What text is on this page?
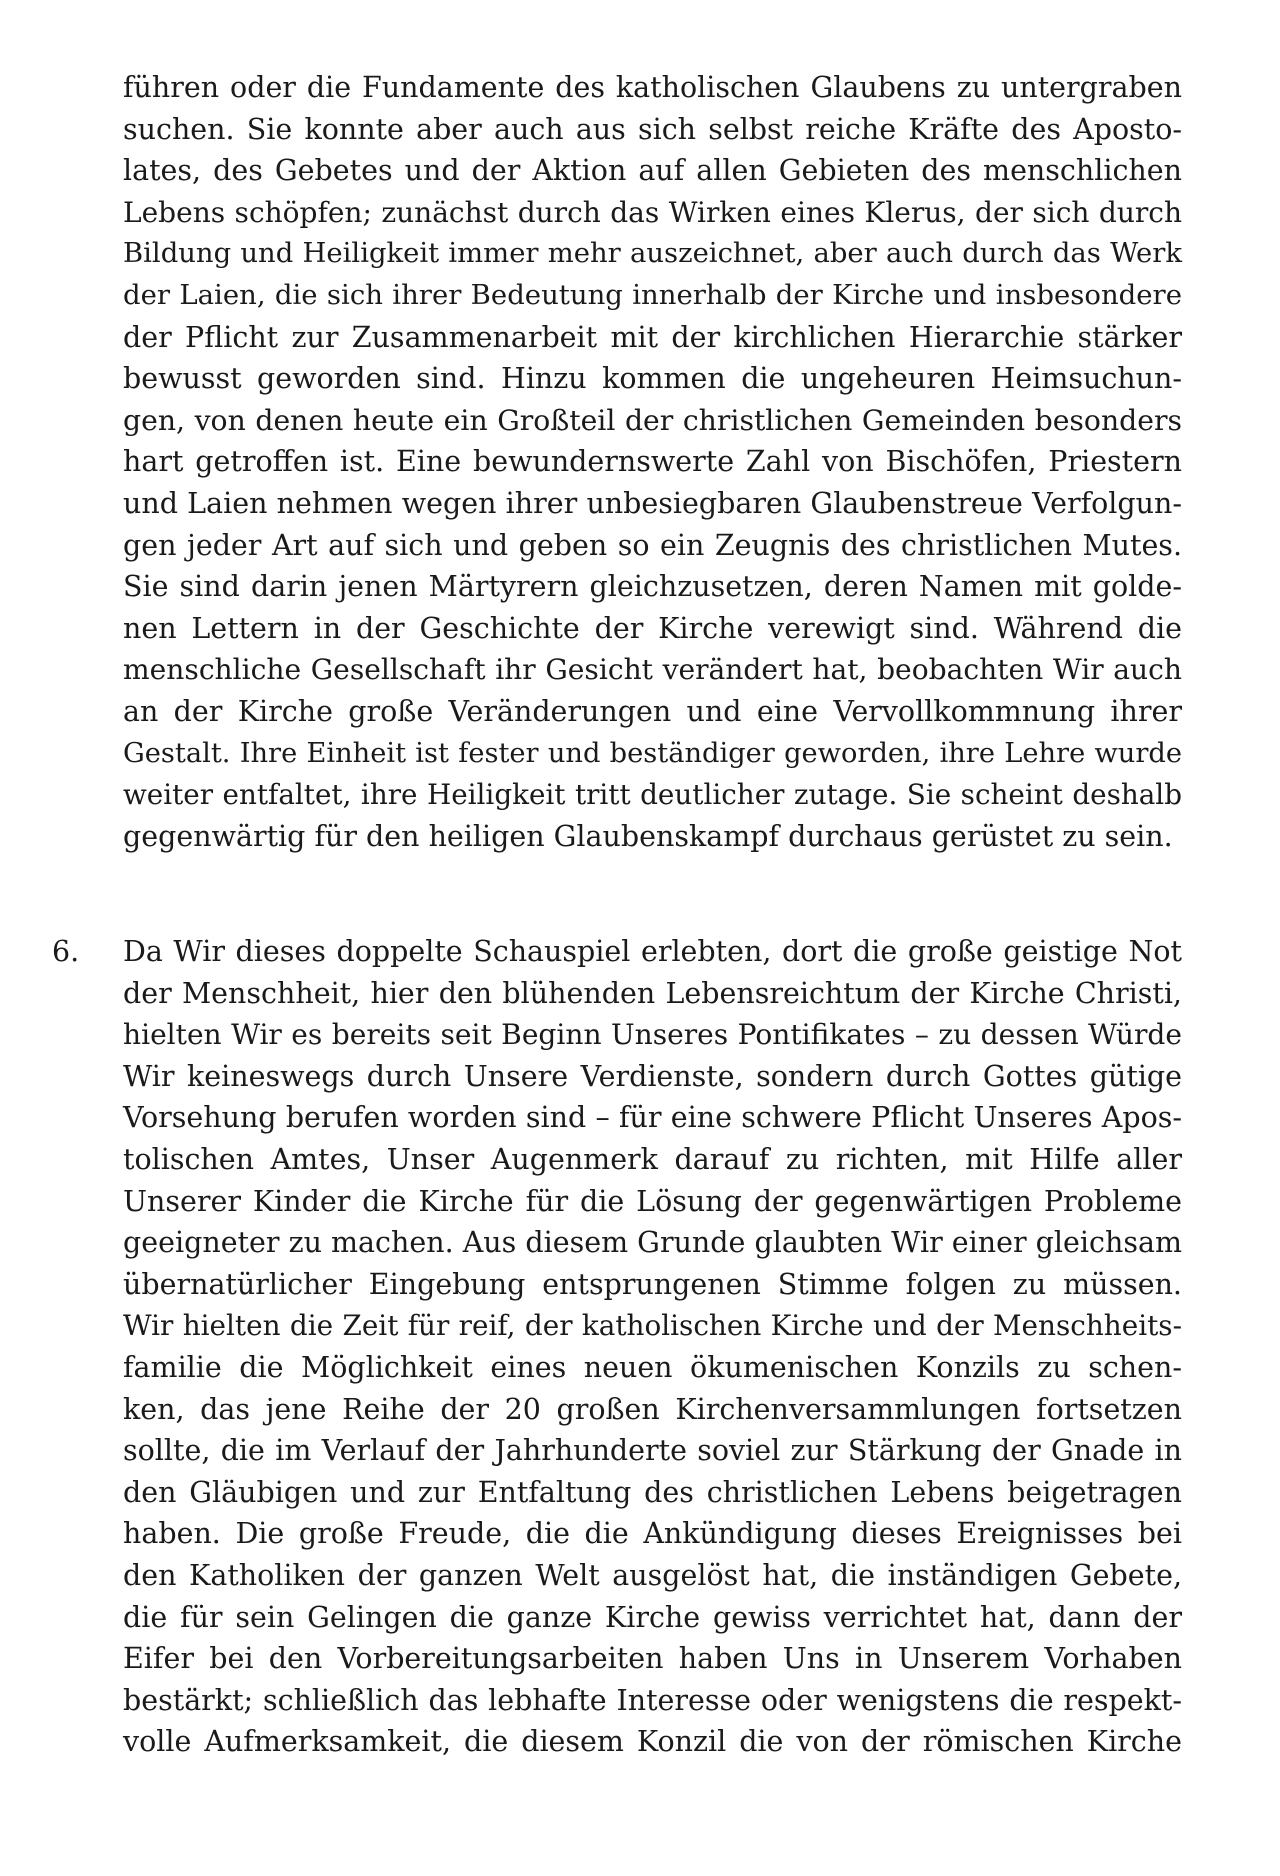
führen oder die Fundamente des katholischen Glaubens zu untergraben
suchen. Sie konnte aber auch aus sich selbst reiche Kräfte des Aposto-
lates, des Gebetes und der Aktion auf allen Gebieten des menschlichen
Lebens schöpfen; zunächst durch das Wirken eines Klerus, der sich durch
Bildung und Heiligkeit immer mehr auszeichnet, aber auch durch das Werk
der Laien, die sich ihrer Bedeutung innerhalb der Kirche und insbesondere
der Pflicht zur Zusammenarbeit mit der kirchlichen Hierarchie stärker
bewusst geworden sind. Hinzu kommen die ungeheuren Heimsuchun-
gen, von denen heute ein Großteil der christlichen Gemeinden besonders
hart getroffen ist. Eine bewundernswerte Zahl von Bischöfen, Priestern
und Laien nehmen wegen ihrer unbesiegbaren Glaubenstreue Verfolgun-
gen jeder Art auf sich und geben so ein Zeugnis des christlichen Mutes.
Sie sind darin jenen Märtyrern gleichzusetzen, deren Namen mit golde-
nen Lettern in der Geschichte der Kirche verewigt sind. Während die
menschliche Gesellschaft ihr Gesicht verändert hat, beobachten Wir auch
an der Kirche große Veränderungen und eine Vervollkommnung ihrer
Gestalt. Ihre Einheit ist fester und beständiger geworden, ihre Lehre wurde
weiter entfaltet, ihre Heiligkeit tritt deutlicher zutage. Sie scheint deshalb
gegenwärtig für den heiligen Glaubenskampf durchaus gerüstet zu sein.
6. Da Wir dieses doppelte Schauspiel erlebten, dort die große geistige Not
der Menschheit, hier den blühenden Lebensreichtum der Kirche Christi,
hielten Wir es bereits seit Beginn Unseres Pontifikates – zu dessen Würde
Wir keineswegs durch Unsere Verdienste, sondern durch Gottes gütige
Vorsehung berufen worden sind – für eine schwere Pflicht Unseres Apos-
tolischen Amtes, Unser Augenmerk darauf zu richten, mit Hilfe aller
Unserer Kinder die Kirche für die Lösung der gegenwärtigen Probleme
geeigneter zu machen. Aus diesem Grunde glaubten Wir einer gleichsam
übernatürlicher Eingebung entsprungenen Stimme folgen zu müssen.
Wir hielten die Zeit für reif, der katholischen Kirche und der Menschheits-
familie die Möglichkeit eines neuen ökumenischen Konzils zu schen-
ken, das jene Reihe der 20 großen Kirchenversammlungen fortsetzen
sollte, die im Verlauf der Jahrhunderte soviel zur Stärkung der Gnade in
den Gläubigen und zur Entfaltung des christlichen Lebens beigetragen
haben. Die große Freude, die die Ankündigung dieses Ereignisses bei
den Katholiken der ganzen Welt ausgelöst hat, die inständigen Gebete,
die für sein Gelingen die ganze Kirche gewiss verrichtet hat, dann der
Eifer bei den Vorbereitungsarbeiten haben Uns in Unserem Vorhaben
bestärkt; schließlich das lebhafte Interesse oder wenigstens die respekt-
volle Aufmerksamkeit, die diesem Konzil die von der römischen Kirche
